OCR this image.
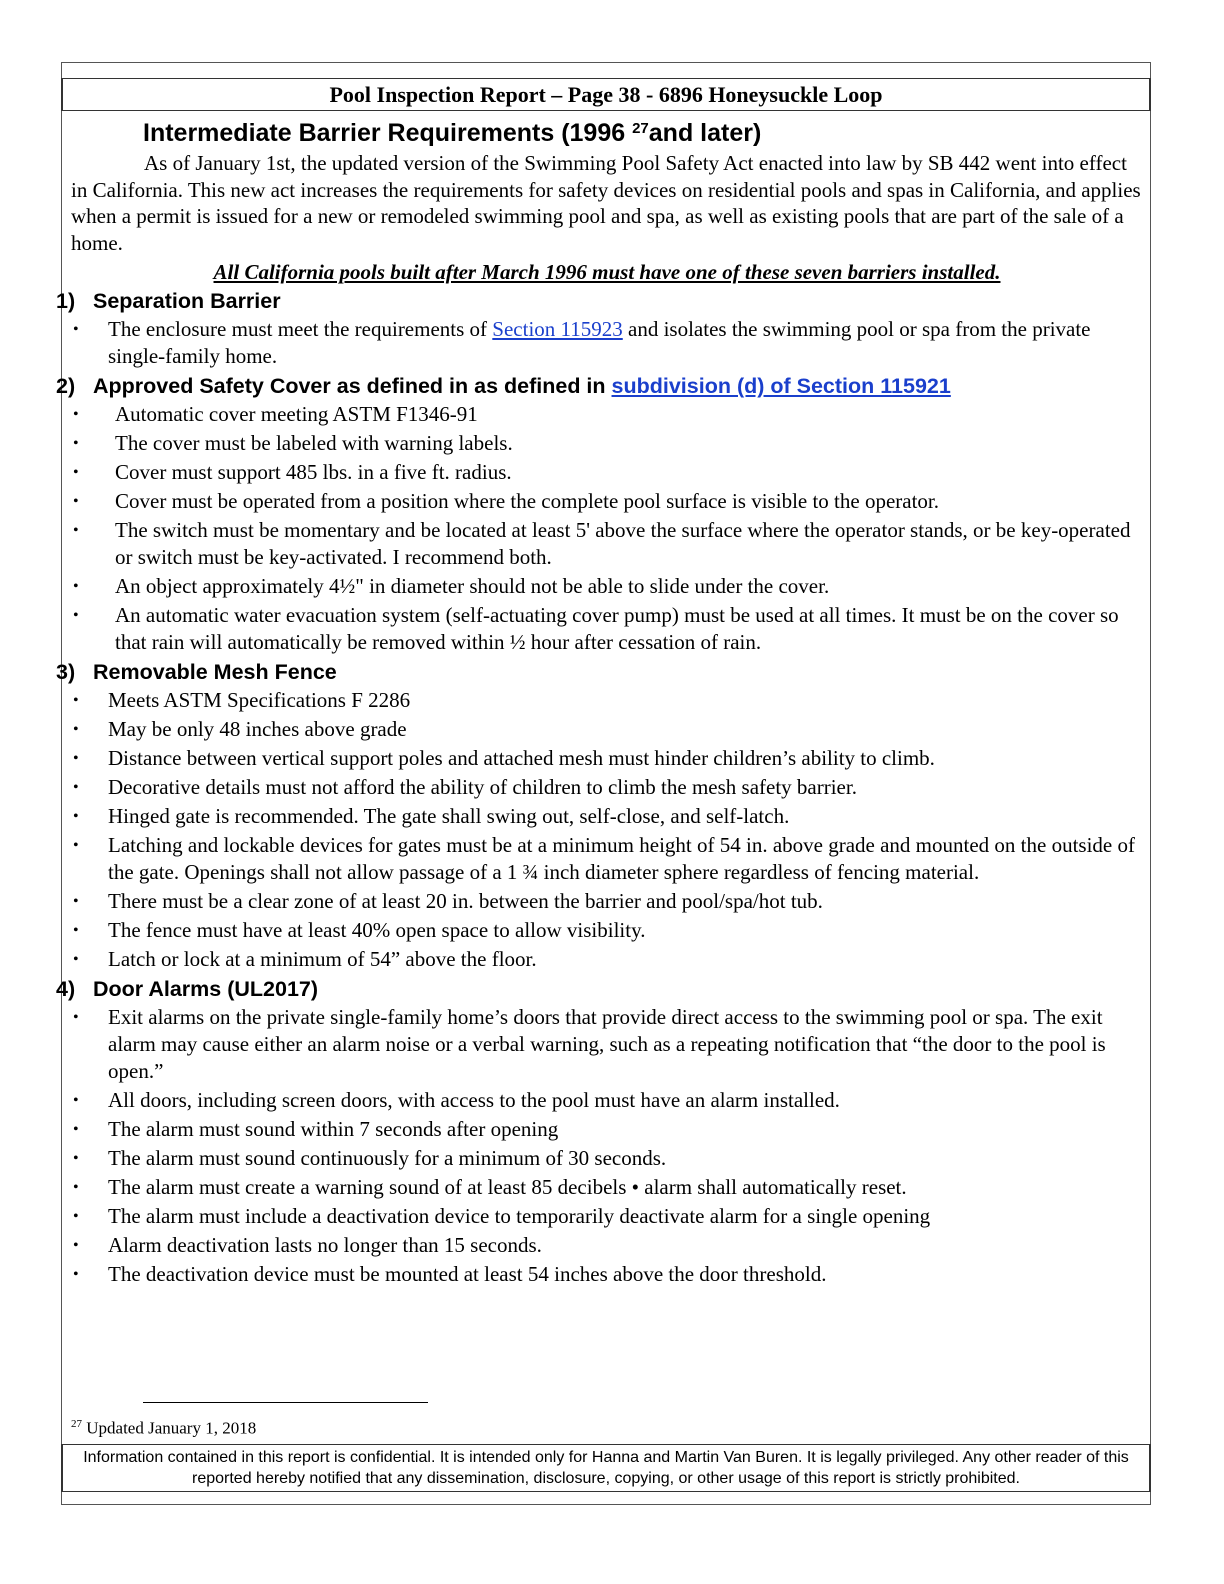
Pool Inspection Report – Page 38 - 6896 Honeysuckle Loop
Intermediate Barrier Requirements (1996 $^{27}$and later)

As of January 1st, the updated version of the Swimming Pool Safety Act enacted into law by SB 442 went into effect in California. This new act increases the requirements for safety devices on residential pools and spas in California, and applies when a permit is issued for a new or remodeled swimming pool and spa, as well as existing pools that are part of the sale of a home.

All California pools built after March 1996 must have one of these seven barriers installed.

1) Separation Barrier
• The enclosure must meet the requirements of Section 115923 and isolates the swimming pool or spa from the private single-family home.
2) Approved Safety Cover as defined in as defined in subdivision (d) of Section 115921
• Automatic cover meeting ASTM F1346-91
• The cover must be labeled with warning labels.
• Cover must support 485 lbs. in a five ft. radius.
• Cover must be operated from a position where the complete pool surface is visible to the operator.
• The switch must be momentary and be located at least 5' above the surface where the operator stands, or be key-operated or switch must be key-activated. I recommend both.
• An object approximately 4½" in diameter should not be able to slide under the cover.
• An automatic water evacuation system (self-actuating cover pump) must be used at all times. It must be on the cover so that rain will automatically be removed within ½ hour after cessation of rain.
3) Removable Mesh Fence
• Meets ASTM Specifications F 2286
• May be only 48 inches above grade
• Distance between vertical support poles and attached mesh must hinder children’s ability to climb.
• Decorative details must not afford the ability of children to climb the mesh safety barrier.
• Hinged gate is recommended. The gate shall swing out, self-close, and self-latch.
• Latching and lockable devices for gates must be at a minimum height of 54 in. above grade and mounted on the outside of the gate. Openings shall not allow passage of a 1 ¾ inch diameter sphere regardless of fencing material.
• There must be a clear zone of at least 20 in. between the barrier and pool/spa/hot tub.
• The fence must have at least 40% open space to allow visibility.
• Latch or lock at a minimum of 54” above the floor.
4) Door Alarms (UL2017)
• Exit alarms on the private single-family home’s doors that provide direct access to the swimming pool or spa. The exit alarm may cause either an alarm noise or a verbal warning, such as a repeating notification that “the door to the pool is open.”
• All doors, including screen doors, with access to the pool must have an alarm installed.
• The alarm must sound within 7 seconds after opening
• The alarm must sound continuously for a minimum of 30 seconds.
• The alarm must create a warning sound of at least 85 decibels • alarm shall automatically reset.
• The alarm must include a deactivation device to temporarily deactivate alarm for a single opening
• Alarm deactivation lasts no longer than 15 seconds.
• The deactivation device must be mounted at least 54 inches above the door threshold.
$^{27}$ Updated January 1, 2018
Information contained in this report is confidential. It is intended only for Hanna and Martin Van Buren. It is legally privileged. Any other reader of this reported hereby notified that any dissemination, disclosure, copying, or other usage of this report is strictly prohibited.
